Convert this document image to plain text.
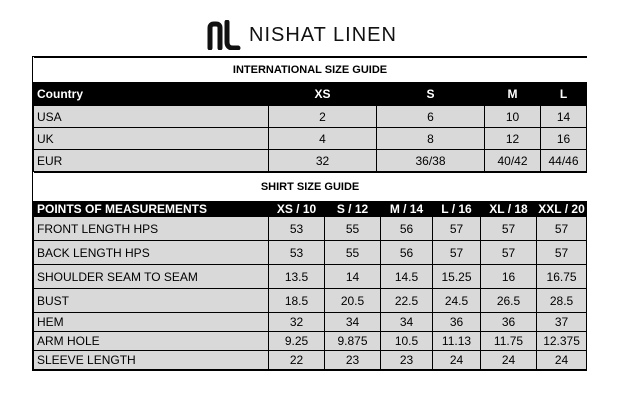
NISHAT LINEN
INTERNATIONAL SIZE GUIDE				
Country	XS	S	M	L
USA	2	6	10	14
UK	4	8	12	16
EUR	32	36/38	40/42	44/46
SHIRT SIZE GUIDE						
POINTS OF MEASUREMENTS	XS / 10	S / 12	M / 14	L / 16	XL / 18	XXL / 20
FRONT LENGTH HPS	53	55	56	57	57	57
BACK LENGTH HPS	53	55	56	57	57	57
SHOULDER SEAM TO SEAM	13.5	14	14.5	15.25	16	16.75
BUST	18.5	20.5	22.5	24.5	26.5	28.5
HEM	32	34	34	36	36	37
ARM HOLE	9.25	9.875	10.5	11.13	11.75	12.375
SLEEVE LENGTH	22	23	23	24	24	24
